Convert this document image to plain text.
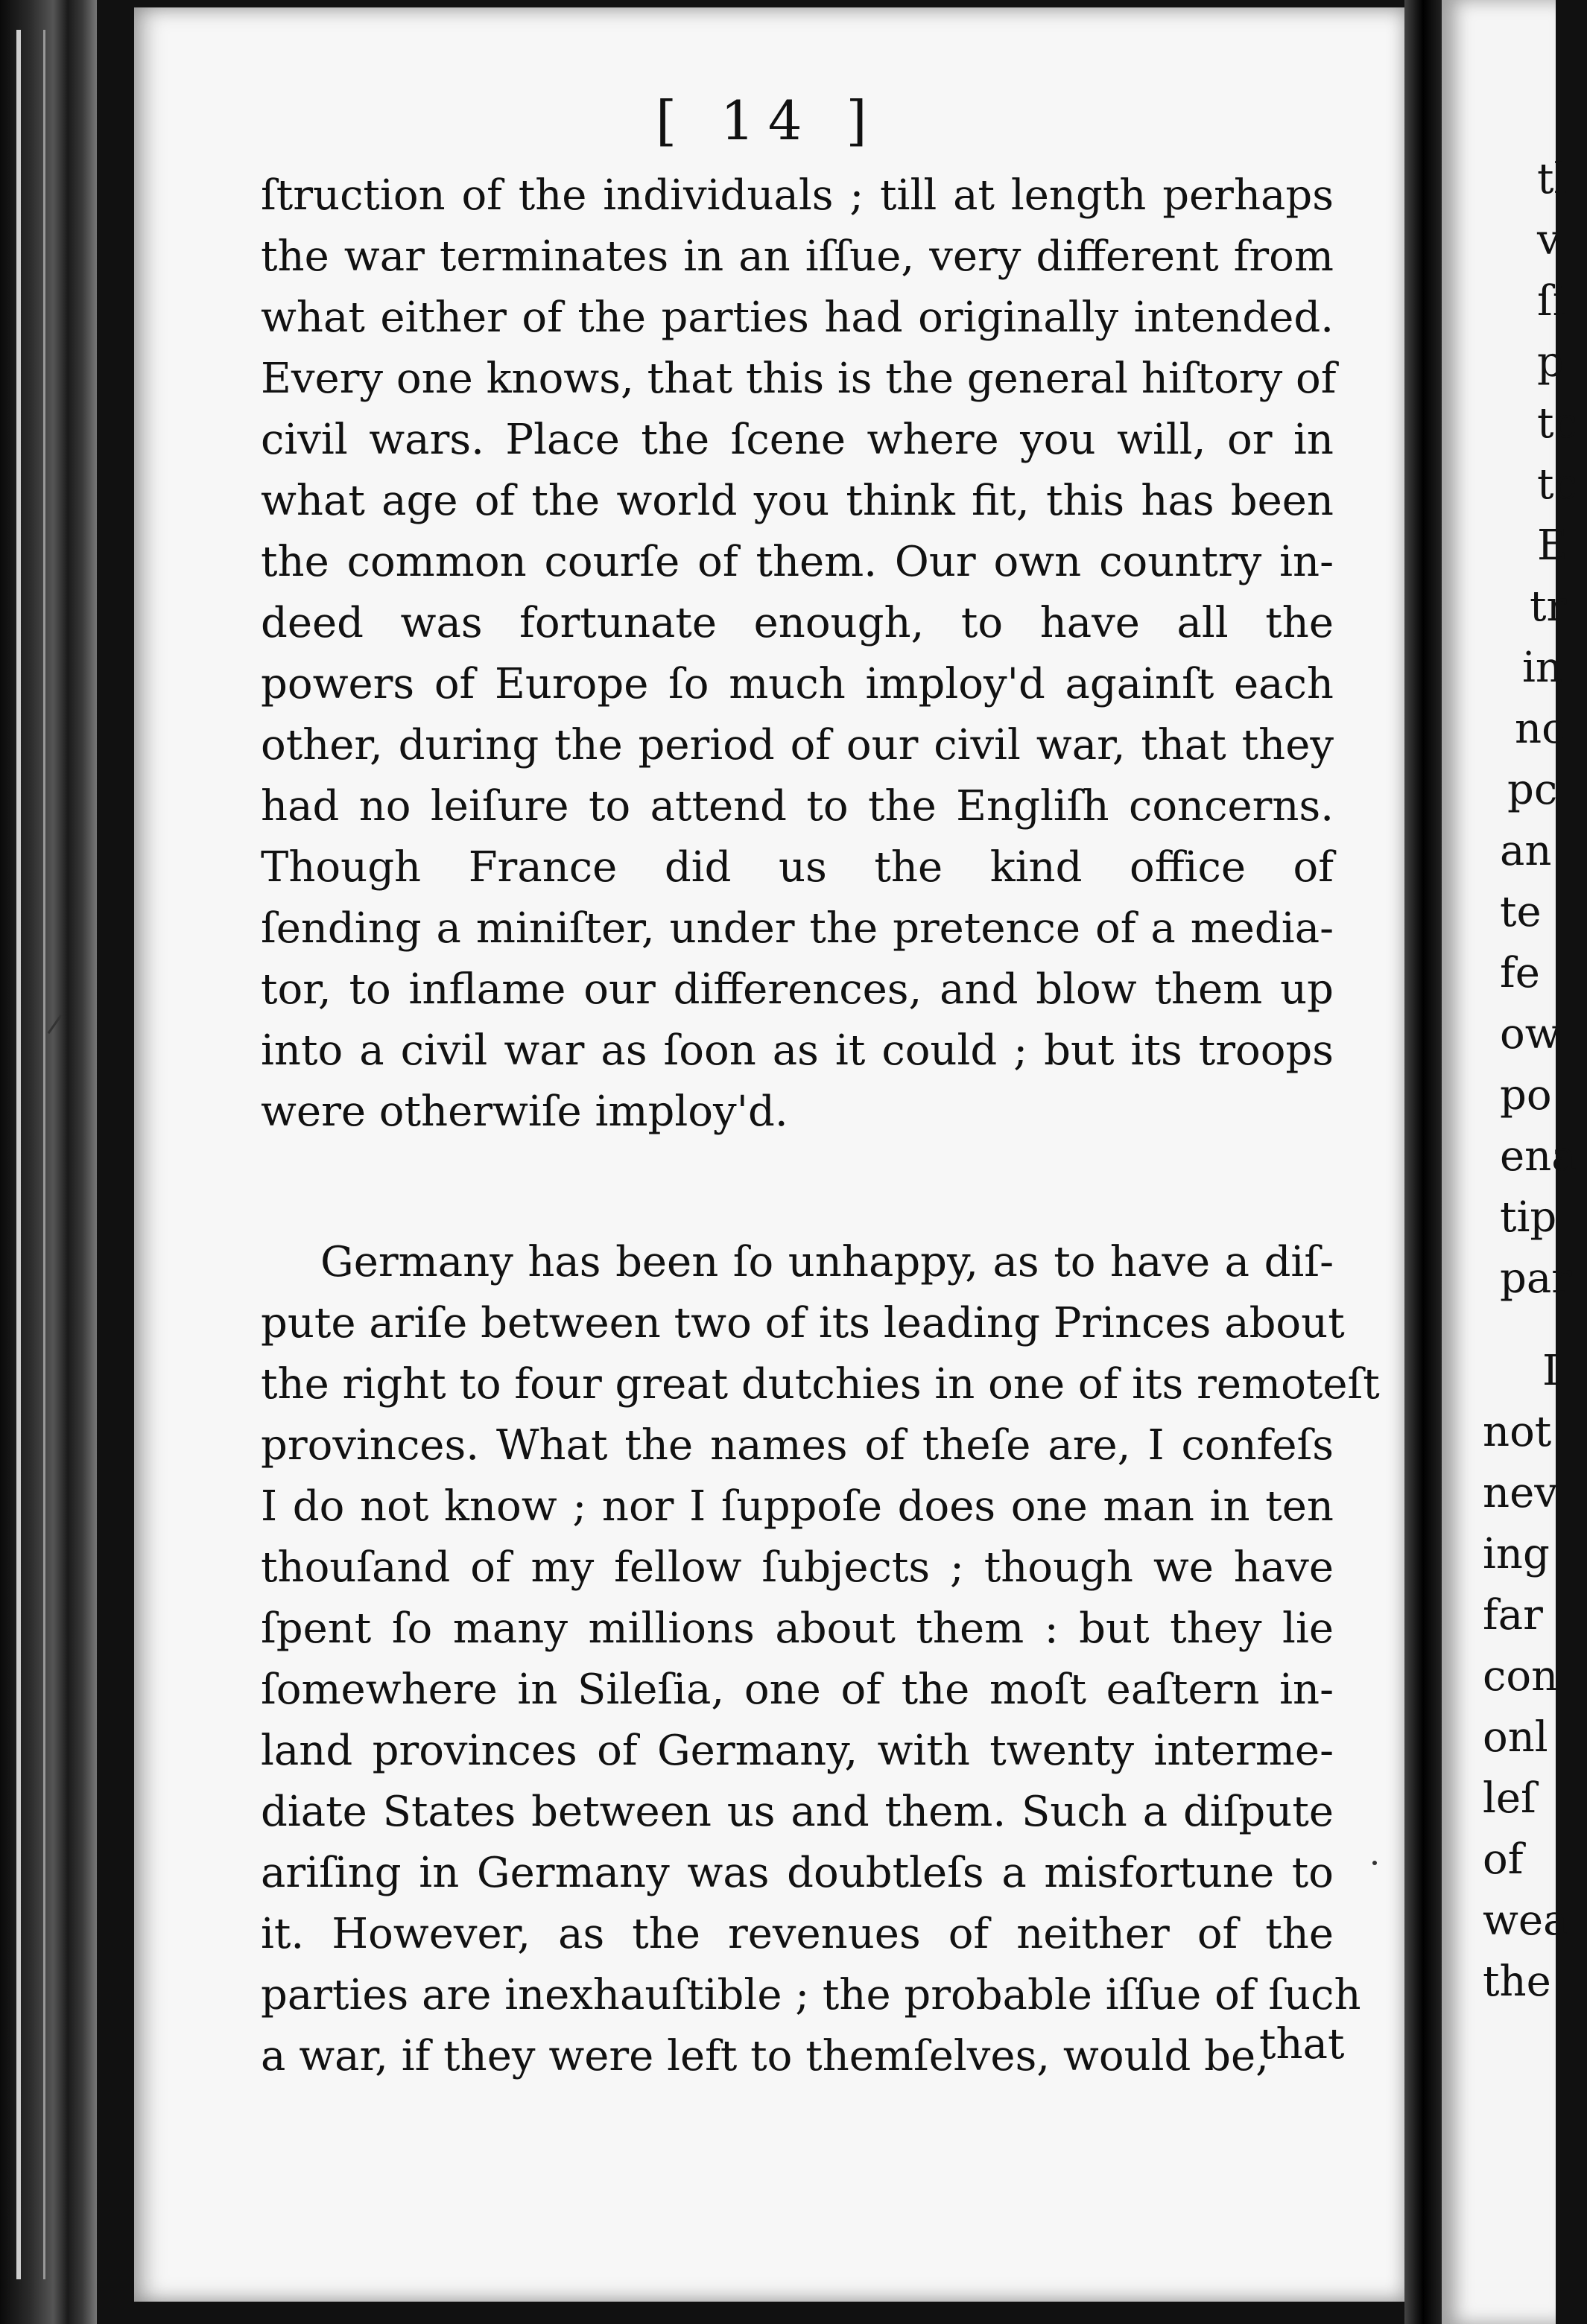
[ 14 ]
ſtruction of the individuals ; till at length perhaps
the war terminates in an iſſue, very different from
what either of the parties had originally intended.
Every one knows, that this is the general hiſtory of
civil wars. Place the ſcene where you will, or in
what age of the world you think fit, this has been
the common courſe of them. Our own country in-
deed was fortunate enough, to have all the
powers of Europe ſo much imploy'd againſt each
other, during the period of our civil war, that they
had no leiſure to attend to the Engliſh concerns.
Though France did us the kind office of
ſending a miniſter, under the pretence of a media-
tor, to inflame our differences, and blow them up
into a civil war as ſoon as it could ; but its troops
were otherwiſe imploy'd.
Germany has been ſo unhappy, as to have a diſ-
pute ariſe between two of its leading Princes about
the right to four great dutchies in one of its remoteſt
provinces. What the names of theſe are, I confeſs
I do not know ; nor I ſuppoſe does one man in ten
thouſand of my fellow ſubjects ; though we have
ſpent ſo many millions about them : but they lie
ſomewhere in Sileſia, one of the moſt eaſtern in-
land provinces of Germany, with twenty interme-
diate States between us and them. Such a diſpute
ariſing in Germany was doubtleſs a misfortune to
it. However, as the revenues of neither of the
parties are inexhauſtible ; the probable iſſue of ſuch
a war, if they were left to themſelves, would be,
that
tl
v
ſi
p
tc
tc
E
tr
in
nc
pc
an
te
fe
ow
po
ena
tip
par
I
not
nev
ing
far
con
onl
leſ
of
wea
the
